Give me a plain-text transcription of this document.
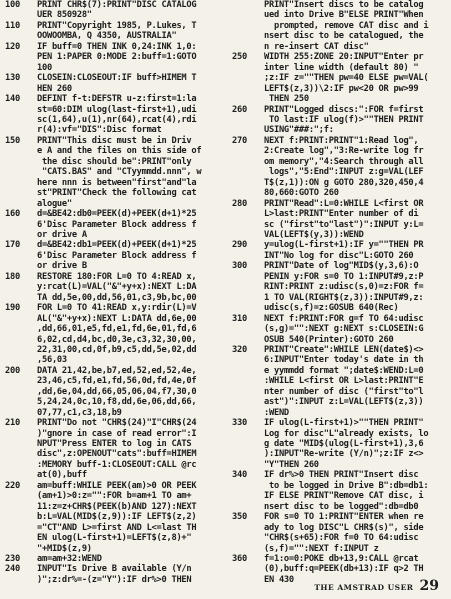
100	PRINT CHR$(7):PRINT"DISC CATALOG
UER 850928"
110	PRINT"Copyright 1985, P.Lukes, T
OOWOOMBA, Q 4350, AUSTRALIA"
120	IF buff=0 THEN INK 0,24:INK 1,0:
PEN 1:PAPER 0:MODE 2:buff=1:GOTO
100
130	CLOSEIN:CLOSEOUT:IF buff>HIMEM T
HEN 260
140	DEFINT f-t:DEFSTR u-z:first=1:la
st=60:DIM ulog(last-first+1),udi
sc(1,64),u(1),nr(64),rcat(4),rdi
r(4):vf="DIS":Disc format
150	PRINT"This disc must be in Driv
e A and the files on this side of
the disc should be":PRINT"only
"CATS.BAS" and "CTyymmdd.nnn", w
here nnn is between"first"and"la
st"PRINT"Check the following cat
alogue"
160	d=&BE42:db0=PEEK(d)+PEEK(d+1)*25
6'Disc Parameter Block address f
or drive A
170	d=&BE42:db1=PEEK(d)+PEEK(d+1)*25
6'Disc Parameter Block address f
or drive B
180	RESTORE 180:FOR L=0 TO 4:READ x,
y:rcat(L)=VAL("&"+y+x):NEXT L:DA
TA dd,5e,00,dd,56,01,c3,9b,bc,00
190	FOR L=0 TO 41:READ x,y:rdir(L)=V
AL("&"+y+x):NEXT L:DATA dd,6e,00
,dd,66,01,e5,fd,e1,fd,6e,01,fd,6
6,02,cd,d4,bc,d0,3e,c3,32,30,00,
22,31,00,cd,0f,b9,c5,dd,5e,02,dd
,56,03
200	DATA 21,42,be,b7,ed,52,ed,52,4e,
23,46,c5,fd,e1,fd,56,0d,fd,4e,0f
,dd,6e,04,dd,66,05,06,04,f7,30,0
5,24,24,0c,10,f8,dd,6e,06,dd,66,
07,77,c1,c3,18,b9
210	PRINT"Do not "CHR$(24)"I"CHR$(24
)"gnore in case of read error":I
NPUT"Press ENTER to log in CATS
disc",z:OPENOUT"cats":buff=HIMEM
:MEMORY buff-1:CLOSEOUT:CALL @rc
at(0),buff
220	am=buff:WHILE PEEK(am)>0 OR PEEK
(am+1)>0:z="":FOR b=am+1 TO am+
11:z=z+CHR$(PEEK(b)AND 127):NEXT
b:L=VAL(MID$(z,9)):IF LEFT$(z,2)
="CT"AND L>=first AND L<=last TH
EN ulog(L-first+1)=LEFT$(z,8)+"
"+MID$(z,9)
230	am=am+32:WEND
240	INPUT"Is Drive B available (Y/n
)";z:dr%=-(z="Y"):IF dr%>0 THEN
PRINT"Insert discs to be catalog
ued into Drive B"ELSE PRINT"When
prompted, remove CAT disc and i
nsert disc to be catalogued, the
n re-insert CAT disc"
250	WIDTH 255:ZONE 20:INPUT"Enter pr
inter line width (default 80) "
;z:IF z=""THEN pw=40 ELSE pw=VAL(
LEFT$(z,3))\2:IF pw<20 OR pw>99
THEN 250
260	PRINT"Logged discs:":FOR f=first
TO last:IF ulog(f)>""THEN PRINT
USING"###:";f:
270	NEXT f:PRINT:PRINT"1:Read log",
2:Create log","3:Re-write log fr
om memory","4:Search through all
logs","5:End":INPUT z:g=VAL(LEF
T$(z,1)):ON g GOTO 280,320,450,4
80,660:GOTO 260
280	PRINT"Read":L=0:WHILE L<first OR
L>last:PRINT"Enter number of di
sc ("first"to"last")":INPUT y:L=
VAL(LEFT$(y,3)):WEND
290	y=ulog(L-first+1):IF y=""THEN PR
INT"No log for disc"L:GOTO 260
300	PRINT"Date of log"MID$(y,3,6):O
PENIN y:FOR s=0 TO 1:INPUT#9,z:P
RINT:PRINT z:udisc(s,0)=z:FOR f=
1 TO VAL(RIGHT$(z,3)):INPUT#9,z:
udisc(s,f)=z:GOSUB 640(Rec)
310	NEXT f:PRINT:FOR g=f TO 64:udisc
(s,g)="":NEXT g:NEXT s:CLOSEIN:G
OSUB 540(Printer):GOTO 260
320	PRINT"Create":WHILE LEN(date$)<>
6:INPUT"Enter today's date in th
e yymmdd format ";date$:WEND:L=0
:WHILE L<first OR L>last:PRINT"E
nter number of disc ("first"to"l
ast")":INPUT z:L=VAL(LEFT$(z,3))
:WEND
330	IF ulog(L-first+1)>""THEN PRINT"
Log for disc"L"already exists, lo
g date "MID$(ulog(L-first+1),3,6
):INPUT"Re-write (Y/n)";z:IF z<>
"Y"THEN 260
340	IF dr%>0 THEN PRINT"Insert disc
to be logged in Drive B":db=db1:
IF ELSE PRINT"Remove CAT disc, i
nsert disc to be logged":db=db0
350	FOR s=0 TO 1:PRINT"ENTER when re
ady to log DISC"L CHR$(s)", side
"CHR$(s+65):FOR f=0 TO 64:udisc
(s,f)="":NEXT f:INPUT z
360	f=1:o=0:POKE db+13,9:CALL @rcat
(0),buff:q=PEEK(db+13):IF q>2 TH
EN 430
THE AMSTRAD USER 29
